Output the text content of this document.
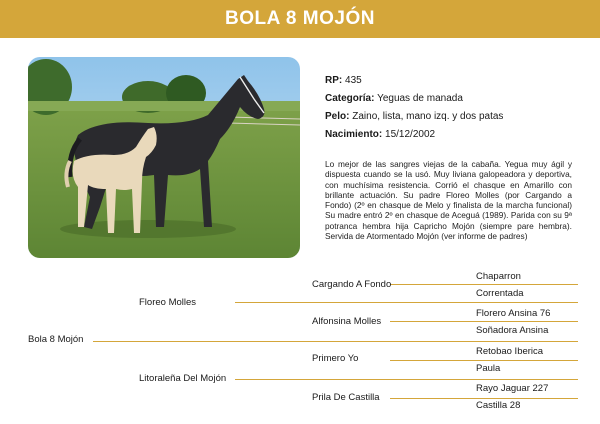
BOLA 8 MOJÓN
RP: 435
Categoría: Yeguas de manada
Pelo: Zaino, lista, mano izq. y dos patas
Nacimiento: 15/12/2002
Lo mejor de las sangres viejas de la cabaña. Yegua muy ágil y dispuesta cuando se la usó. Muy liviana galopeadora y deportiva, con muchísima resistencia. Corrió el chasque en Amarillo con brillante actuación. Su padre Floreo Molles (por Cargando a Fondo) (2º en chasque de Melo y finalista de la marcha funcional) Su madre entró 2º en chasque de Aceguá (1989). Parida con su 9ª potranca hembra hija Capricho Mojón (siempre pare hembra). Servida de Atormentado Mojón (ver informe de padres)
Bola 8 Mojón
Floreo Molles
Litoraleña Del Mojón
Cargando A Fondo
Alfonsina Molles
Primero Yo
Prila De Castilla
Chaparron
Correntada
Florero Ansina 76
Soñadora Ansina
Retobao Iberica
Paula
Rayo Jaguar 227
Castilla 28
